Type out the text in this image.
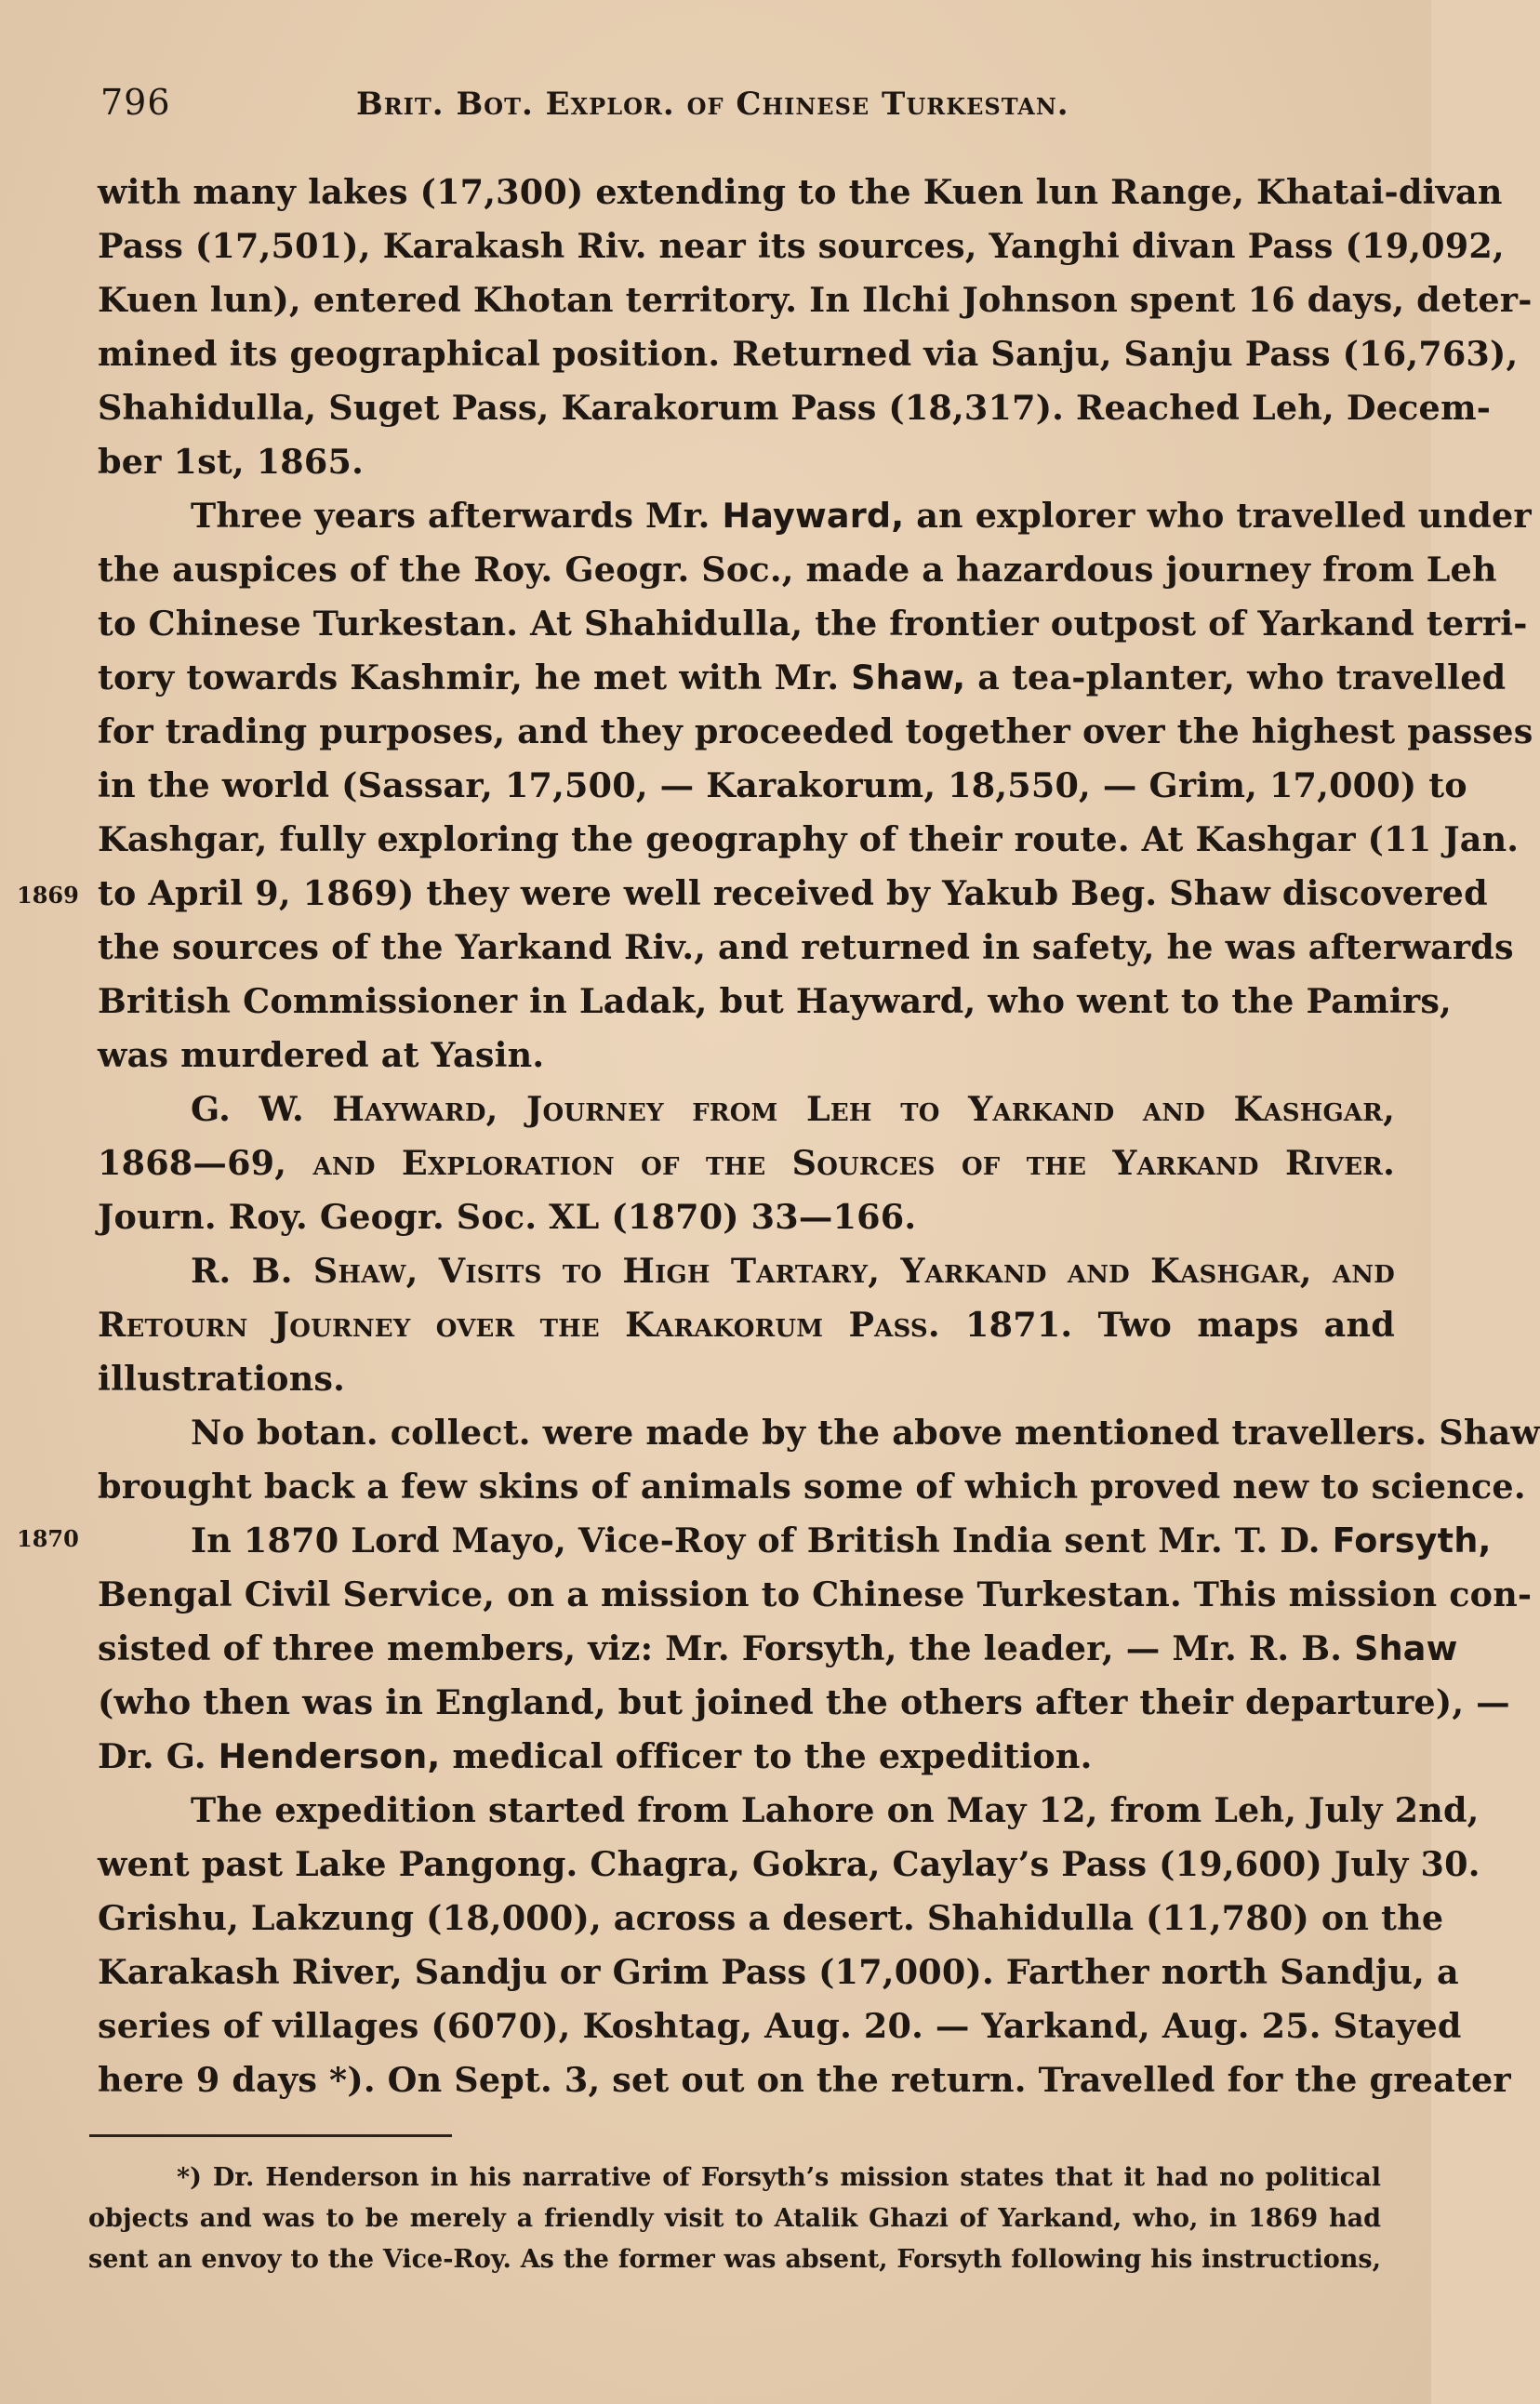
796	Brit. Bot. Explor. of Chinese Turkestan.
1869
1870
with many lakes (17,300) extending to the Kuen lun Range, Khatai-divan
Pass (17,501), Karakash Riv. near its sources, Yanghi divan Pass (19,092,
Kuen lun), entered Khotan territory. In Ilchi Johnson spent 16 days, deter-
mined its geographical position. Returned via Sanju, Sanju Pass (16,763),
Shahidulla, Suget Pass, Karakorum Pass (18,317). Reached Leh, Decem-
ber 1st, 1865.
Three years afterwards Mr. Hayward, an explorer who travelled under
the auspices of the Roy. Geogr. Soc., made a hazardous journey from Leh
to Chinese Turkestan. At Shahidulla, the frontier outpost of Yarkand terri-
tory towards Kashmir, he met with Mr. Shaw, a tea-planter, who travelled
for trading purposes, and they proceeded together over the highest passes
in the world (Sassar, 17,500, — Karakorum, 18,550, — Grim, 17,000) to
Kashgar, fully exploring the geography of their route. At Kashgar (11 Jan.
to April 9, 1869) they were well received by Yakub Beg. Shaw discovered
the sources of the Yarkand Riv., and returned in safety, he was afterwards
British Commissioner in Ladak, but Hayward, who went to the Pamirs,
was murdered at Yasin.
G. W. Hayward, Journey from Leh to Yarkand and Kashgar,
1868—69, and Exploration of the Sources of the Yarkand River.
Journ. Roy. Geogr. Soc. XL (1870) 33—166.
R. B. Shaw, Visits to High Tartary, Yarkand and Kashgar, and
Retourn Journey over the Karakorum Pass. 1871. Two maps and
illustrations.
No botan. collect. were made by the above mentioned travellers. Shaw
brought back a few skins of animals some of which proved new to science.
In 1870 Lord Mayo, Vice-Roy of British India sent Mr. T. D. Forsyth,
Bengal Civil Service, on a mission to Chinese Turkestan. This mission con-
sisted of three members, viz: Mr. Forsyth, the leader, — Mr. R. B. Shaw
(who then was in England, but joined the others after their departure), —
Dr. G. Henderson, medical officer to the expedition.
The expedition started from Lahore on May 12, from Leh, July 2nd,
went past Lake Pangong. Chagra, Gokra, Caylay’s Pass (19,600) July 30.
Grishu, Lakzung (18,000), across a desert. Shahidulla (11,780) on the
Karakash River, Sandju or Grim Pass (17,000). Farther north Sandju, a
series of villages (6070), Koshtag, Aug. 20. — Yarkand, Aug. 25. Stayed
here 9 days *). On Sept. 3, set out on the return. Travelled for the greater
*) Dr. Henderson in his narrative of Forsyth’s mission states that it had no political
objects and was to be merely a friendly visit to Atalik Ghazi of Yarkand, who, in 1869 had
sent an envoy to the Vice-Roy. As the former was absent, Forsyth following his instructions,
